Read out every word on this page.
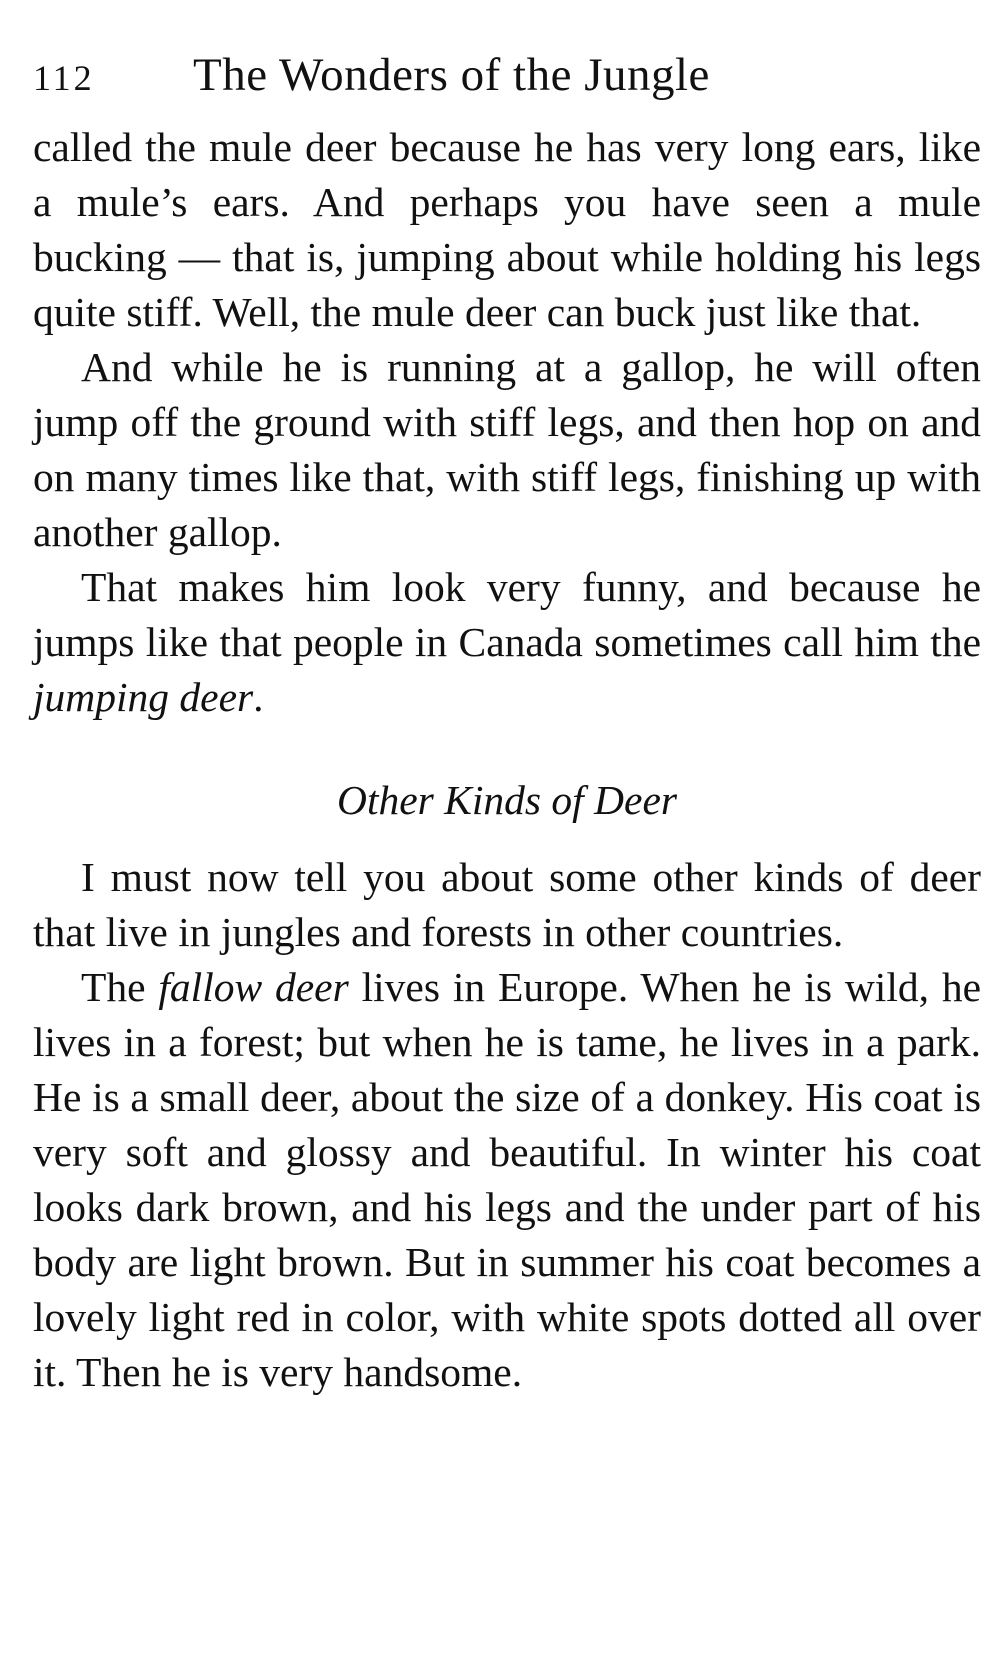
112	The Wonders of the Jungle

called the mule deer because he has very long ears, like a mule’s ears. And perhaps you have seen a mule bucking — that is, jumping about while holding his legs quite stiff. Well, the mule deer can buck just like that.

And while he is running at a gallop, he will often jump off the ground with stiff legs, and then hop on and on many times like that, with stiff legs, finishing up with another gallop.

That makes him look very funny, and because he jumps like that people in Canada sometimes call him the jumping deer.

Other Kinds of Deer

I must now tell you about some other kinds of deer that live in jungles and forests in other countries.

The fallow deer lives in Europe. When he is wild, he lives in a forest; but when he is tame, he lives in a park. He is a small deer, about the size of a donkey. His coat is very soft and glossy and beautiful. In winter his coat looks dark brown, and his legs and the under part of his body are light brown. But in summer his coat becomes a lovely light red in color, with white spots dotted all over it. Then he is very handsome.
